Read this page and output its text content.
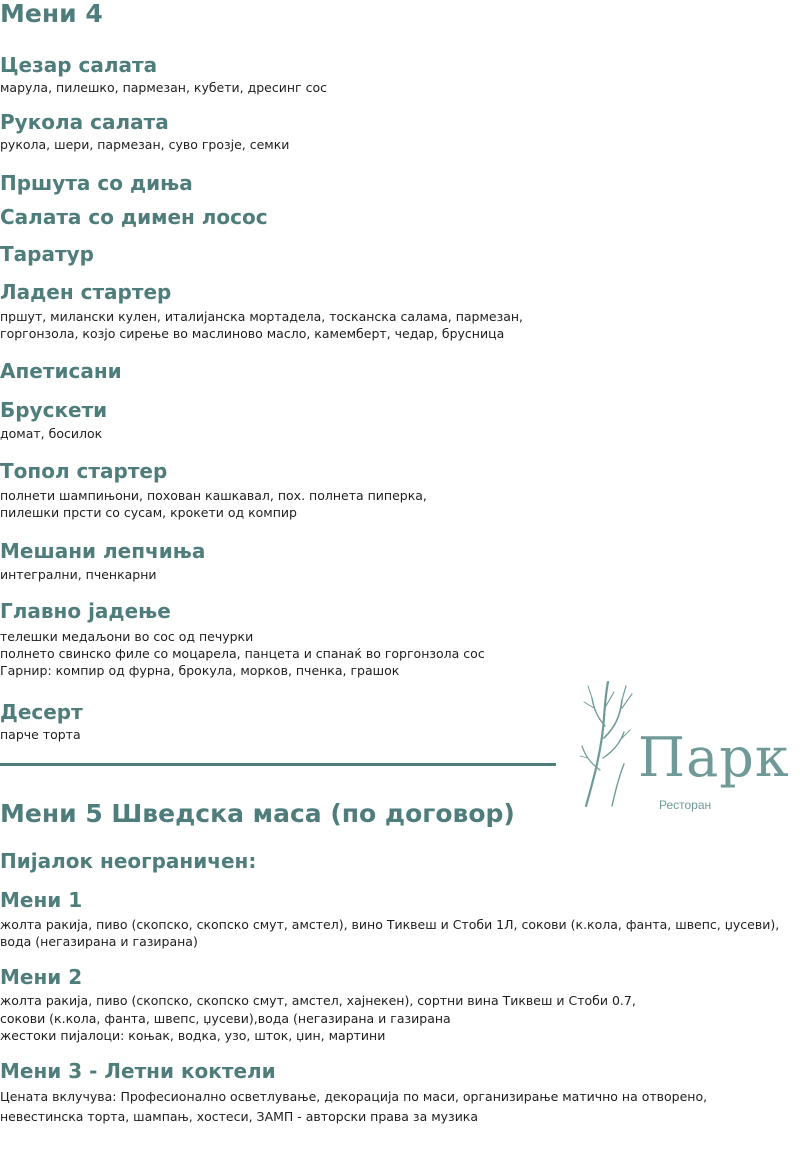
Мени 4
Цезар салата

марула, пилешко, пармезан, кубети, дресинг сос

Рукола салата

рукола, шери, пармезан, суво грозје, семки

Пршута со диња
Салата со димен лосос
Таратур
Ладен стартер

пршут, милански кулен, италијанска мортадела, тосканска салама, пармезан,

горгонзола, козјо сирење во маслиново масло, камемберт, чедар, брусница

Апетисани
Брускети

домат, босилок

Топол стартер

полнети шампињони, похован кашкавал, пох. полнета пиперка,

пилешки прсти со сусам, крокети од компир

Мешани лепчиња

интегрални, пченкарни

Главно јадење

телешки медаљони во сос од печурки

полнето свинско филе со моцарела, панцета и спанаќ во горгонзола сос

Гарнир: компир од фурна, брокула, морков, пченка, грашок

Десерт

парче торта	Парк

Ресторан

Мени 5 Шведска маса (по договор)
Пијалок неограничен:
Мени 1

жолта ракија, пиво (скопско, скопско смут, амстел), вино Тиквеш и Стоби 1Л, сокови (к.кола, фанта, швепс, џусеви),

вода (негазирана и газирана)

Мени 2

жолта ракија, пиво (скопско, скопско смут, амстел, хајнекен), сортни вина Тиквеш и Стоби 0.7,

сокови (к.кола, фанта, швепс, џусеви),вода (негазирана и газирана

жестоки пијалоци: коњак, водка, узо, шток, џин, мартини

Мени 3 - Летни коктели

Цената вклучува: Професионално осветлување, декорација по маси, организирање матично на отворено,

невестинска торта, шампањ, хостеси, ЗАМП - авторски права за музика
